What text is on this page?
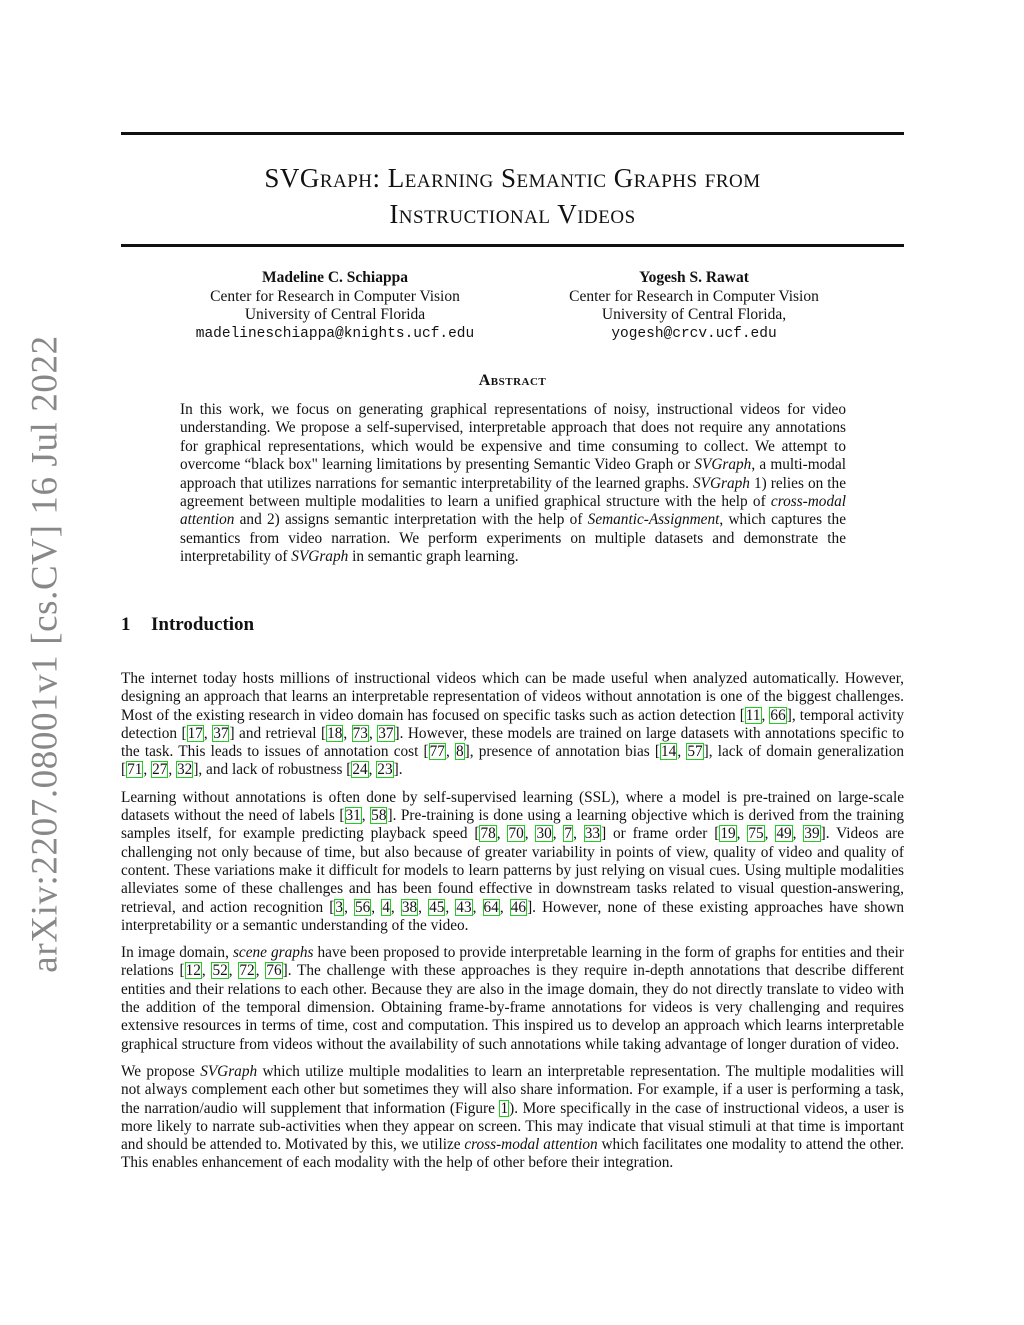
arXiv:2207.08001v1 [cs.CV] 16 Jul 2022
SVGraph: Learning Semantic Graphs from
Instructional Videos
Madeline C. Schiappa
Center for Research in Computer Vision
University of Central Florida
madelineschiappa@knights.ucf.edu
Yogesh S. Rawat
Center for Research in Computer Vision
University of Central Florida,
yogesh@crcv.ucf.edu
Abstract
In this work, we focus on generating graphical representations of noisy, instructional videos for video understanding. We propose a self-supervised, interpretable approach that does not require any annotations for graphical representations, which would be expensive and time consuming to collect. We attempt to overcome “black box" learning limitations by presenting Semantic Video Graph or SVGraph, a multi-modal approach that utilizes narrations for semantic interpretability of the learned graphs. SVGraph 1) relies on the agreement between multiple modalities to learn a unified graphical structure with the help of cross-modal attention and 2) assigns semantic interpretation with the help of Semantic-Assignment, which captures the semantics from video narration. We perform experiments on multiple datasets and demonstrate the interpretability of SVGraph in semantic graph learning.
1 Introduction

The internet today hosts millions of instructional videos which can be made useful when analyzed automatically. However, designing an approach that learns an interpretable representation of videos without annotation is one of the biggest challenges. Most of the existing research in video domain has focused on specific tasks such as action detection [11, 66], temporal activity detection [17, 37] and retrieval [18, 73, 37]. However, these models are trained on large datasets with annotations specific to the task. This leads to issues of annotation cost [77, 8], presence of annotation bias [14, 57], lack of domain generalization [71, 27, 32], and lack of robustness [24, 23].

Learning without annotations is often done by self-supervised learning (SSL), where a model is pre-trained on large-scale datasets without the need of labels [31, 58]. Pre-training is done using a learning objective which is derived from the training samples itself, for example predicting playback speed [78, 70, 30, 7, 33] or frame order [19, 75, 49, 39]. Videos are challenging not only because of time, but also because of greater variability in points of view, quality of video and quality of content. These variations make it difficult for models to learn patterns by just relying on visual cues. Using multiple modalities alleviates some of these challenges and has been found effective in downstream tasks related to visual question-answering, retrieval, and action recognition [3, 56, 4, 38, 45, 43, 64, 46]. However, none of these existing approaches have shown interpretability or a semantic understanding of the video.

In image domain, scene graphs have been proposed to provide interpretable learning in the form of graphs for entities and their relations [12, 52, 72, 76]. The challenge with these approaches is they require in-depth annotations that describe different entities and their relations to each other. Because they are also in the image domain, they do not directly translate to video with the addition of the temporal dimension. Obtaining frame-by-frame annotations for videos is very challenging and requires extensive resources in terms of time, cost and computation. This inspired us to develop an approach which learns interpretable graphical structure from videos without the availability of such annotations while taking advantage of longer duration of video.

We propose SVGraph which utilize multiple modalities to learn an interpretable representation. The multiple modalities will not always complement each other but sometimes they will also share information. For example, if a user is performing a task, the narration/audio will supplement that information (Figure 1). More specifically in the case of instructional videos, a user is more likely to narrate sub-activities when they appear on screen. This may indicate that visual stimuli at that time is important and should be attended to. Motivated by this, we utilize cross-modal attention which facilitates one modality to attend the other. This enables enhancement of each modality with the help of other before their integration.
